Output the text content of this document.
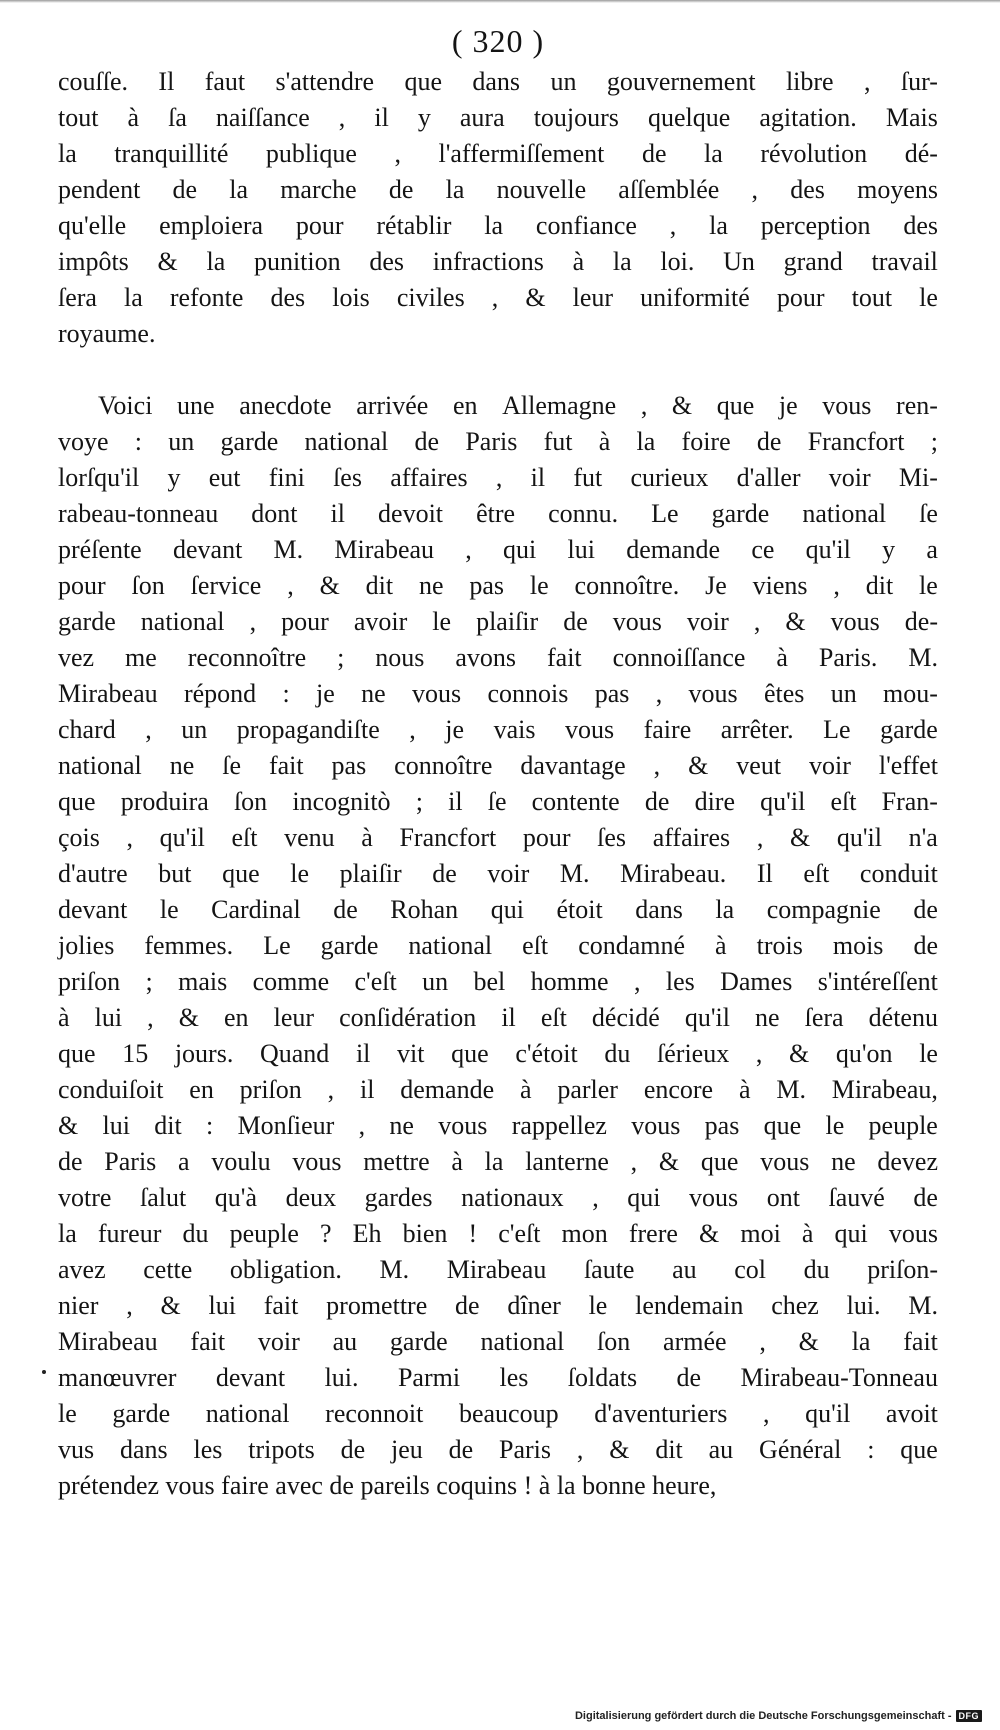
( 320 )
couſſe. Il faut s'attendre que dans un gouvernement libre , ſur-
tout à ſa naiſſance , il y aura toujours quelque agitation. Mais
la tranquillité publique , l'affermiſſement de la révolution dé-
pendent de la marche de la nouvelle aſſemblée , des moyens
qu'elle emploiera pour rétablir la confiance , la perception des
impôts & la punition des infractions à la loi. Un grand travail
ſera la refonte des lois civiles , & leur uniformité pour tout le
royaume.
Voici une anecdote arrivée en Allemagne , & que je vous ren-
voye : un garde national de Paris fut à la foire de Francfort ;
lorſqu'il y eut fini ſes affaires , il fut curieux d'aller voir Mi-
rabeau-tonneau dont il devoit être connu. Le garde national ſe
préſente devant M. Mirabeau , qui lui demande ce qu'il y a
pour ſon ſervice , & dit ne pas le connoître. Je viens , dit le
garde national , pour avoir le plaiſir de vous voir , & vous de-
vez me reconnoître ; nous avons fait connoiſſance à Paris. M.
Mirabeau répond : je ne vous connois pas , vous êtes un mou-
chard , un propagandiſte , je vais vous faire arrêter. Le garde
national ne ſe fait pas connoître davantage , & veut voir l'effet
que produira ſon incognitò ; il ſe contente de dire qu'il eſt Fran-
çois , qu'il eſt venu à Francfort pour ſes affaires , & qu'il n'a
d'autre but que le plaiſir de voir M. Mirabeau. Il eſt conduit
devant le Cardinal de Rohan qui étoit dans la compagnie de
jolies femmes. Le garde national eſt condamné à trois mois de
priſon ; mais comme c'eſt un bel homme , les Dames s'intéreſſent
à lui , & en leur conſidération il eſt décidé qu'il ne ſera détenu
que 15 jours. Quand il vit que c'étoit du ſérieux , & qu'on le
conduiſoit en priſon , il demande à parler encore à M. Mirabeau,
& lui dit : Monſieur , ne vous rappellez vous pas que le peuple
de Paris a voulu vous mettre à la lanterne , & que vous ne devez
votre ſalut qu'à deux gardes nationaux , qui vous ont ſauvé de
la fureur du peuple ? Eh bien ! c'eſt mon frere & moi à qui vous
avez cette obligation. M. Mirabeau ſaute au col du priſon-
nier , & lui fait promettre de dîner le lendemain chez lui. M.
Mirabeau fait voir au garde national ſon armée , & la fait
manœuvrer devant lui. Parmi les ſoldats de Mirabeau-Tonneau
le garde national reconnoit beaucoup d'aventuriers , qu'il avoit
vus dans les tripots de jeu de Paris , & dit au Général : que
prétendez vous faire avec de pareils coquins ! à la bonne heure,
Digitalisierung gefördert durch die Deutsche Forschungsgemeinschaft - DFG
